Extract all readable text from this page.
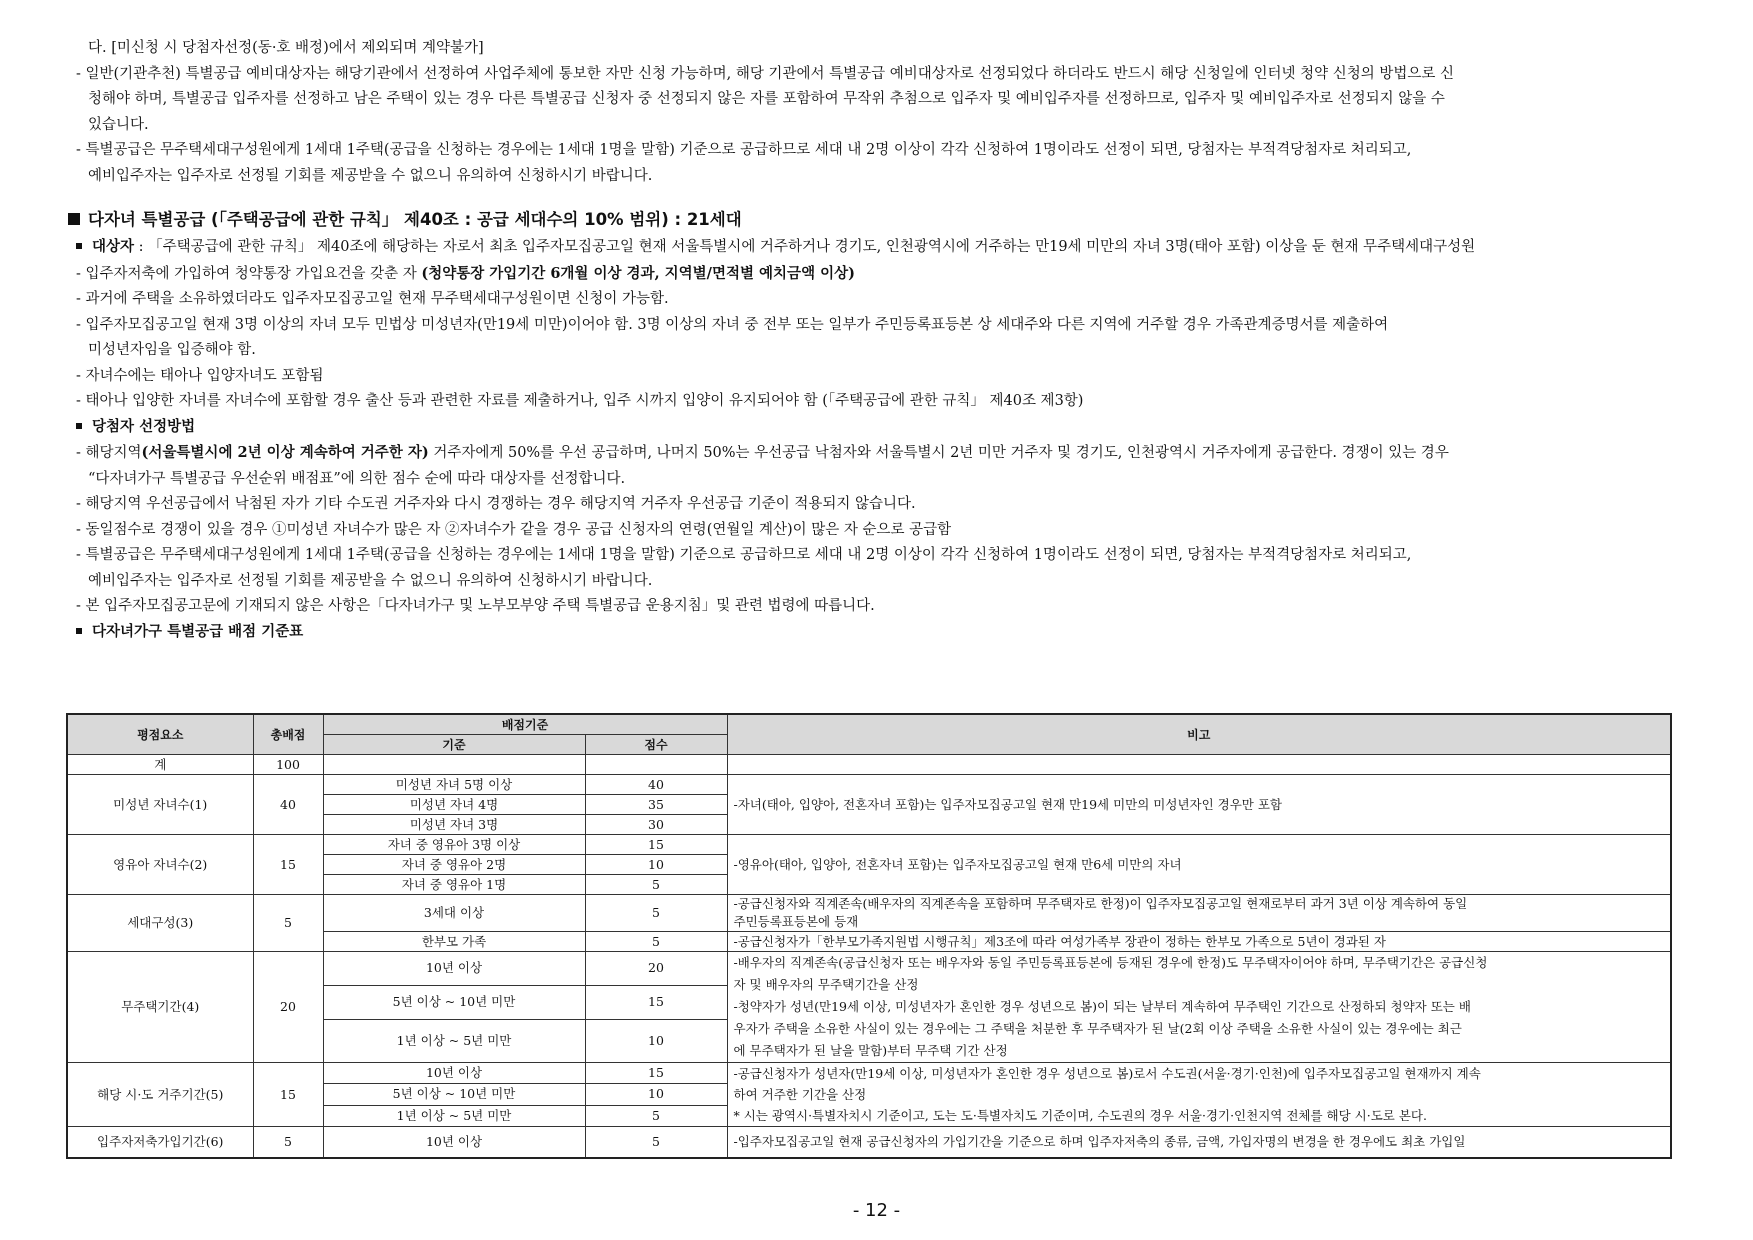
다. [미신청 시 당첨자선정(동·호 배정)에서 제외되며 계약불가]
- 일반(기관추천) 특별공급 예비대상자는 해당기관에서 선정하여 사업주체에 통보한 자만 신청 가능하며, 해당 기관에서 특별공급 예비대상자로 선정되었다 하더라도 반드시 해당 신청일에 인터넷 청약 신청의 방법으로 신
청해야 하며, 특별공급 입주자를 선정하고 남은 주택이 있는 경우 다른 특별공급 신청자 중 선정되지 않은 자를 포함하여 무작위 추첨으로 입주자 및 예비입주자를 선정하므로, 입주자 및 예비입주자로 선정되지 않을 수
있습니다.
- 특별공급은 무주택세대구성원에게 1세대 1주택(공급을 신청하는 경우에는 1세대 1명을 말함) 기준으로 공급하므로 세대 내 2명 이상이 각각 신청하여 1명이라도 선정이 되면, 당첨자는 부적격당첨자로 처리되고,
예비입주자는 입주자로 선정될 기회를 제공받을 수 없으니 유의하여 신청하시기 바랍니다.
다자녀 특별공급 (「주택공급에 관한 규칙」 제40조 : 공급 세대수의 10% 범위) : 21세대
대상자 : 「주택공급에 관한 규칙」 제40조에 해당하는 자로서 최초 입주자모집공고일 현재 서울특별시에 거주하거나 경기도, 인천광역시에 거주하는 만19세 미만의 자녀 3명(태아 포함) 이상을 둔 현재 무주택세대구성원
- 입주자저축에 가입하여 청약통장 가입요건을 갖춘 자 (청약통장 가입기간 6개월 이상 경과, 지역별/면적별 예치금액 이상)
- 과거에 주택을 소유하였더라도 입주자모집공고일 현재 무주택세대구성원이면 신청이 가능함.
- 입주자모집공고일 현재 3명 이상의 자녀 모두 민법상 미성년자(만19세 미만)이어야 함. 3명 이상의 자녀 중 전부 또는 일부가 주민등록표등본 상 세대주와 다른 지역에 거주할 경우 가족관계증명서를 제출하여
미성년자임을 입증해야 함.
- 자녀수에는 태아나 입양자녀도 포함됨
- 태아나 입양한 자녀를 자녀수에 포함할 경우 출산 등과 관련한 자료를 제출하거나, 입주 시까지 입양이 유지되어야 함 (「주택공급에 관한 규칙」 제40조 제3항)
당첨자 선정방법
- 해당지역(서울특별시에 2년 이상 계속하여 거주한 자) 거주자에게 50%를 우선 공급하며, 나머지 50%는 우선공급 낙첨자와 서울특별시 2년 미만 거주자 및 경기도, 인천광역시 거주자에게 공급한다. 경쟁이 있는 경우
“다자녀가구 특별공급 우선순위 배점표”에 의한 점수 순에 따라 대상자를 선정합니다.
- 해당지역 우선공급에서 낙첨된 자가 기타 수도권 거주자와 다시 경쟁하는 경우 해당지역 거주자 우선공급 기준이 적용되지 않습니다.
- 동일점수로 경쟁이 있을 경우 ①미성년 자녀수가 많은 자 ②자녀수가 같을 경우 공급 신청자의 연령(연월일 계산)이 많은 자 순으로 공급함
- 특별공급은 무주택세대구성원에게 1세대 1주택(공급을 신청하는 경우에는 1세대 1명을 말함) 기준으로 공급하므로 세대 내 2명 이상이 각각 신청하여 1명이라도 선정이 되면, 당첨자는 부적격당첨자로 처리되고,
예비입주자는 입주자로 선정될 기회를 제공받을 수 없으니 유의하여 신청하시기 바랍니다.
- 본 입주자모집공고문에 기재되지 않은 사항은「다자녀가구 및 노부모부양 주택 특별공급 운용지침」및 관련 법령에 따릅니다.
다자녀가구 특별공급 배점 기준표
평점요소	총배점	배점기준		비고
		기준	점수	
계	100			
미성년 자녀수(1)	40	미성년 자녀 5명 이상	40	-자녀(태아, 입양아, 전혼자녀 포함)는 입주자모집공고일 현재 만19세 미만의 미성년자인 경우만 포함
		미성년 자녀 4명	35	
		미성년 자녀 3명	30	
영유아 자녀수(2)	15	자녀 중 영유아 3명 이상	15	-영유아(태아, 입양아, 전혼자녀 포함)는 입주자모집공고일 현재 만6세 미만의 자녀
		자녀 중 영유아 2명	10	
		자녀 중 영유아 1명	5	
세대구성(3)	5	3세대 이상	5	-공급신청자와 직계존속(배우자의 직계존속을 포함하며 무주택자로 한정)이 입주자모집공고일 현재로부터 과거 3년 이상 계속하여 동일
주민등록표등본에 등재

		한부모 가족	5	-공급신청자가「한부모가족지원법 시행규칙」제3조에 따라 여성가족부 장관이 정하는 한부모 가족으로 5년이 경과된 자
무주택기간(4)	20	10년 이상	20	-배우자의 직계존속(공급신청자 또는 배우자와 동일 주민등록표등본에 등재된 경우에 한정)도 무주택자이어야 하며, 무주택기간은 공급신청
자 및 배우자의 무주택기간을 산정
-청약자가 성년(만19세 이상, 미성년자가 혼인한 경우 성년으로 봄)이 되는 날부터 계속하여 무주택인 기간으로 산정하되 청약자 또는 배
우자가 주택을 소유한 사실이 있는 경우에는 그 주택을 처분한 후 무주택자가 된 날(2회 이상 주택을 소유한 사실이 있는 경우에는 최근
에 무주택자가 된 날을 말함)부터 무주택 기간 산정

		5년 이상 ~ 10년 미만	15	
		1년 이상 ~ 5년 미만	10	
해당 시·도 거주기간(5)	15	10년 이상	15	-공급신청자가 성년자(만19세 이상, 미성년자가 혼인한 경우 성년으로 봄)로서 수도권(서울·경기·인천)에 입주자모집공고일 현재까지 계속
하여 거주한 기간을 산정
* 시는 광역시·특별자치시 기준이고, 도는 도·특별자치도 기준이며, 수도권의 경우 서울·경기·인천지역 전체를 해당 시·도로 본다.

		5년 이상 ~ 10년 미만	10	
		1년 이상 ~ 5년 미만	5	
입주자저축가입기간(6)	5	10년 이상	5	-입주자모집공고일 현재 공급신청자의 가입기간을 기준으로 하며 입주자저축의 종류, 금액, 가입자명의 변경을 한 경우에도 최초 가입일
- 12 -
